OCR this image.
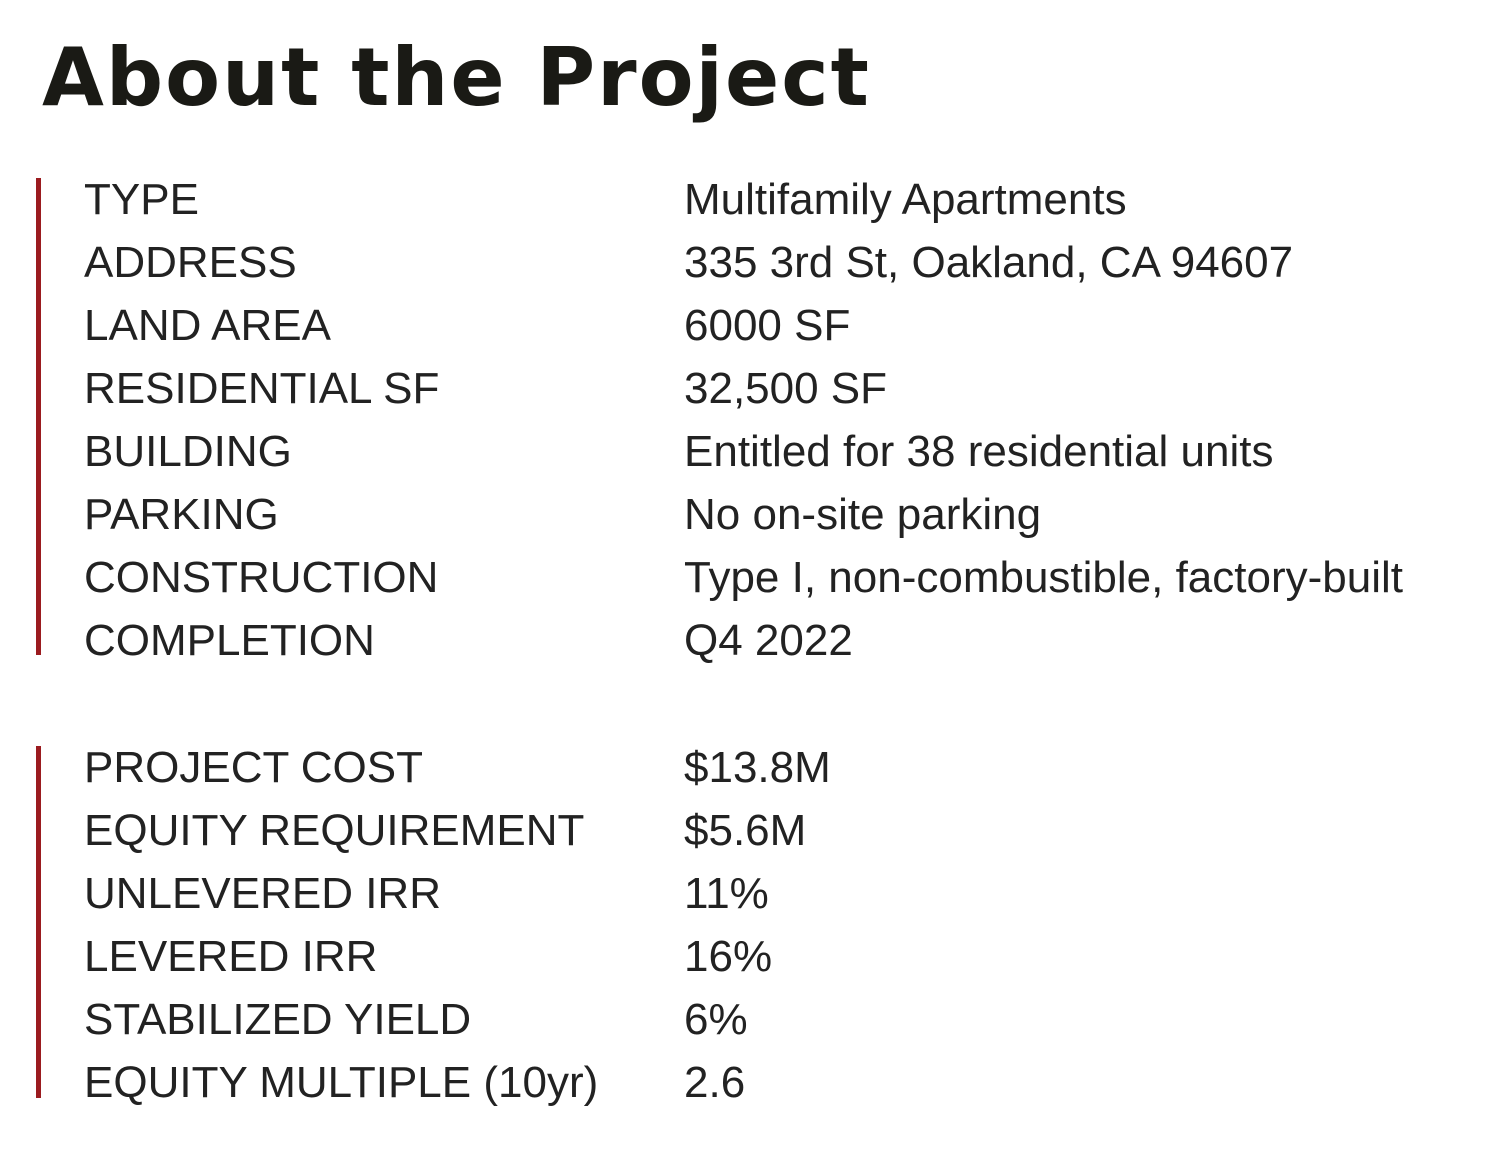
About the Project
TYPE	Multifamily Apartments
ADDRESS	335 3rd St, Oakland, CA 94607
LAND AREA	6000 SF
RESIDENTIAL SF	32,500 SF
BUILDING	Entitled for 38 residential units
PARKING	No on-site parking
CONSTRUCTION	Type I, non-combustible, factory-built
COMPLETION	Q4 2022
PROJECT COST	$13.8M
EQUITY REQUIREMENT $5.6M
UNLEVERED IRR	11%
LEVERED IRR	16%
STABILIZED YIELD	6%
EQUITY MULTIPLE (10yr) 2.6
